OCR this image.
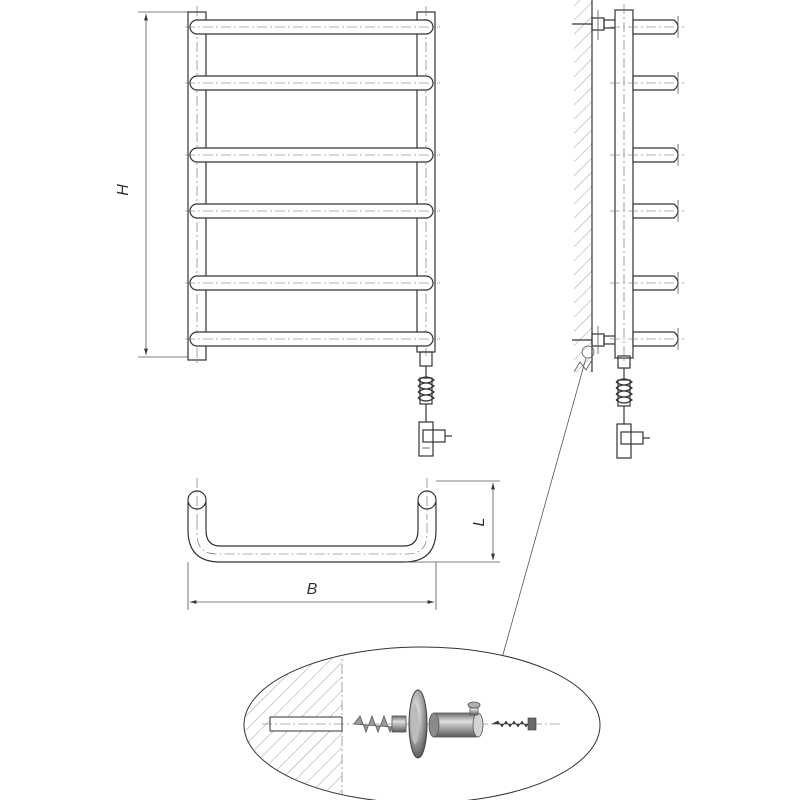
H
L
B
